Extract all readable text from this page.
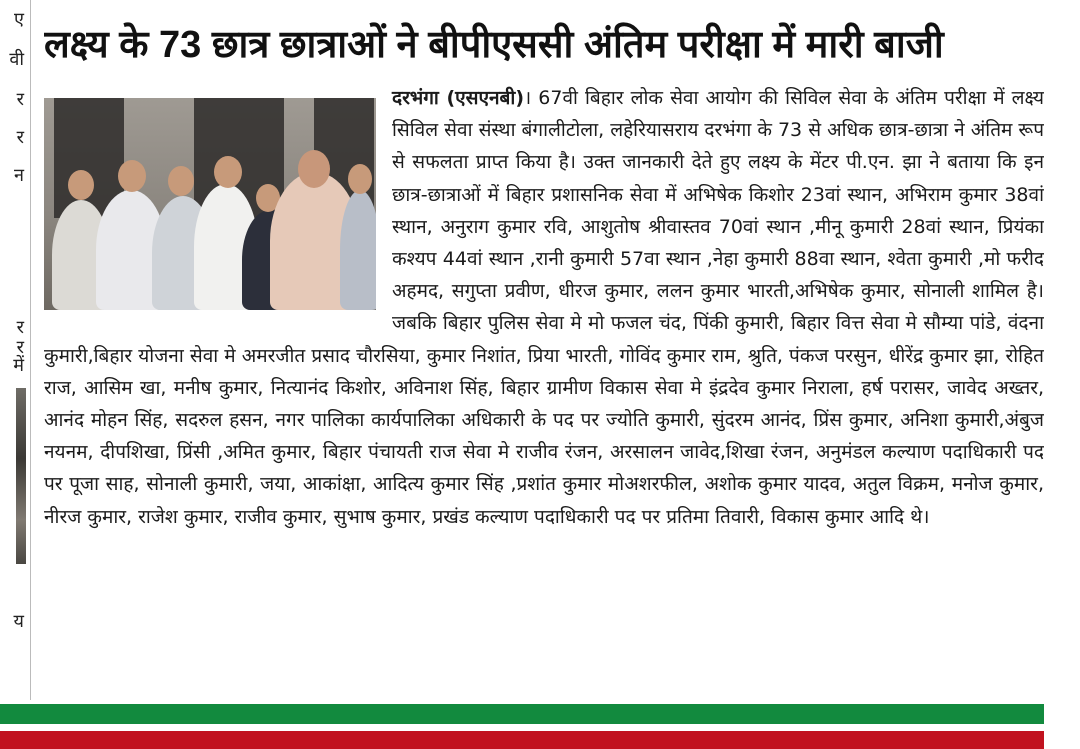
ए
वी
र
र
न
र
र
में
य
लक्ष्य के 73 छात्र छात्राओं ने बीपीएससी अंतिम परीक्षा में मारी बाजी
दरभंगा (एसएनबी)। 67वी बिहार लोक सेवा आयोग की सिविल सेवा के अंतिम परीक्षा में लक्ष्य सिविल सेवा संस्था बंगालीटोला, लहेरियासराय दरभंगा के 73 से अधिक छात्र-छात्रा ने अंतिम रूप से सफलता प्राप्त किया है। उक्त जानकारी देते हुए लक्ष्य के मेंटर पी.एन. झा ने बताया कि इन छात्र-छात्राओं में बिहार प्रशासनिक सेवा में अभिषेक किशोर 23वां स्थान, अभिराम कुमार 38वां स्थान, अनुराग कुमार रवि, आशुतोष श्रीवास्तव 70वां स्थान ,मीनू कुमारी 28वां स्थान, प्रियंका कश्यप 44वां स्थान ,रानी कुमारी 57वा स्थान ,नेहा कुमारी 88वा स्थान, श्वेता कुमारी ,मो फरीद अहमद, सगुप्ता प्रवीण, धीरज कुमार, ललन कुमार भारती,अभिषेक कुमार, सोनाली शामिल है। जबकि बिहार पुलिस सेवा मे मो फजल चंद, पिंकी कुमारी, बिहार वित्त सेवा मे सौम्या पांडे, वंदना कुमारी,बिहार योजना सेवा मे अमरजीत प्रसाद चौरसिया, कुमार निशांत, प्रिया भारती, गोविंद कुमार राम, श्रुति, पंकज परसुन, धीरेंद्र कुमार झा, रोहित राज, आसिम खा, मनीष कुमार, नित्यानंद किशोर, अविनाश सिंह, बिहार ग्रामीण विकास सेवा मे इंद्रदेव कुमार निराला, हर्ष परासर, जावेद अख्तर, आनंद मोहन सिंह, सदरुल हसन, नगर पालिका कार्यपालिका अधिकारी के पद पर ज्योति कुमारी, सुंदरम आनंद, प्रिंस कुमार, अनिशा कुमारी,अंबुज नयनम, दीपशिखा, प्रिंसी ,अमित कुमार, बिहार पंचायती राज सेवा मे राजीव रंजन, अरसालन जावेद,शिखा रंजन, अनुमंडल कल्याण पदाधिकारी पद पर पूजा साह, सोनाली कुमारी, जया, आकांक्षा, आदित्य कुमार सिंह ,प्रशांत कुमार मोअशरफील, अशोक कुमार यादव, अतुल विक्रम, मनोज कुमार, नीरज कुमार, राजेश कुमार, राजीव कुमार, सुभाष कुमार, प्रखंड कल्याण पदाधिकारी पद पर प्रतिमा तिवारी, विकास कुमार आदि थे।
